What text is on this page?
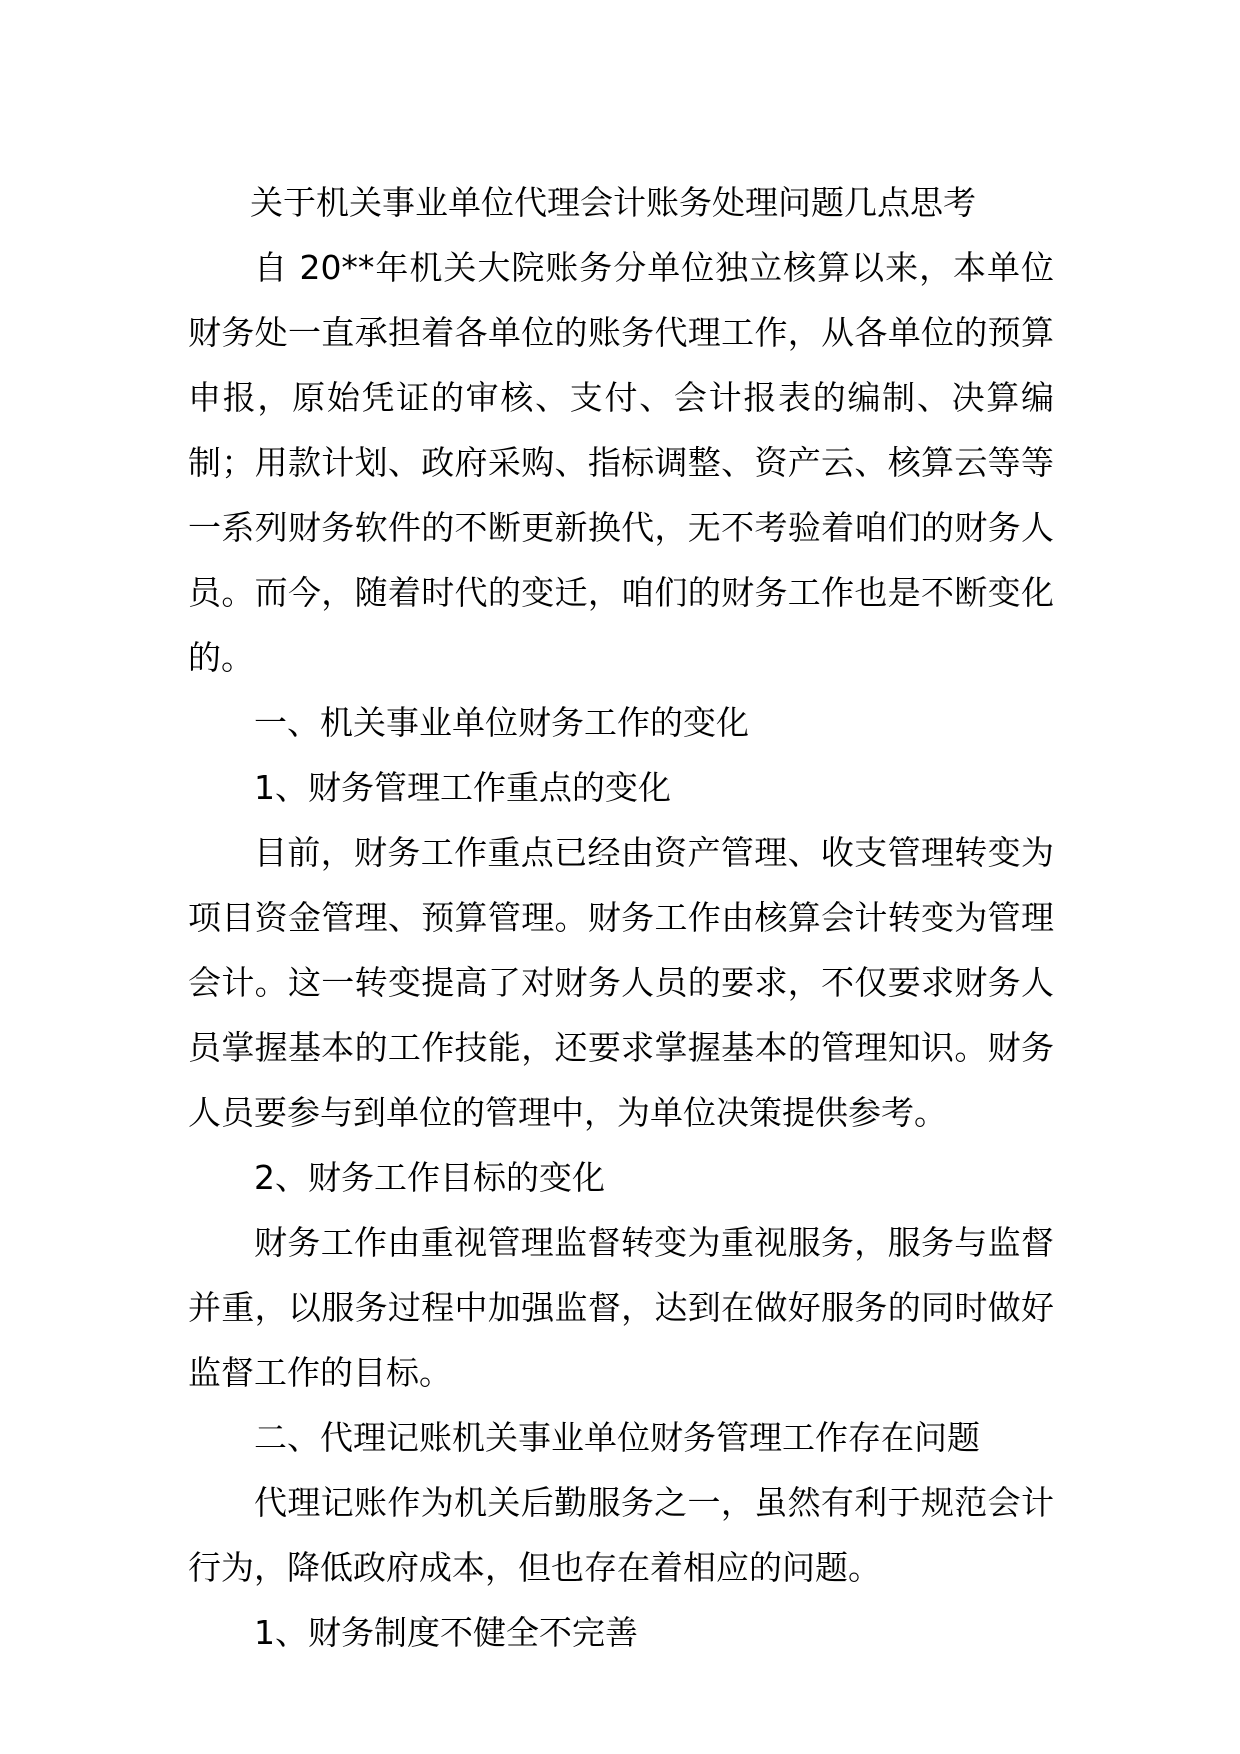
关于机关事业单位代理会计账务处理问题几点思考

自 20**年机关大院账务分单位独立核算以来，本单位财务处一直承担着各单位的账务代理工作，从各单位的预算申报，原始凭证的审核、支付、会计报表的编制、决算编制；用款计划、政府采购、指标调整、资产云、核算云等等一系列财务软件的不断更新换代，无不考验着咱们的财务人员。而今，随着时代的变迁，咱们的财务工作也是不断变化的。

一、机关事业单位财务工作的变化

1、财务管理工作重点的变化

目前，财务工作重点已经由资产管理、收支管理转变为项目资金管理、预算管理。财务工作由核算会计转变为管理会计。这一转变提高了对财务人员的要求，不仅要求财务人员掌握基本的工作技能，还要求掌握基本的管理知识。财务人员要参与到单位的管理中，为单位决策提供参考。

2、财务工作目标的变化

财务工作由重视管理监督转变为重视服务，服务与监督并重，以服务过程中加强监督，达到在做好服务的同时做好监督工作的目标。

二、代理记账机关事业单位财务管理工作存在问题

代理记账作为机关后勤服务之一，虽然有利于规范会计行为，降低政府成本，但也存在着相应的问题。

1、财务制度不健全不完善
